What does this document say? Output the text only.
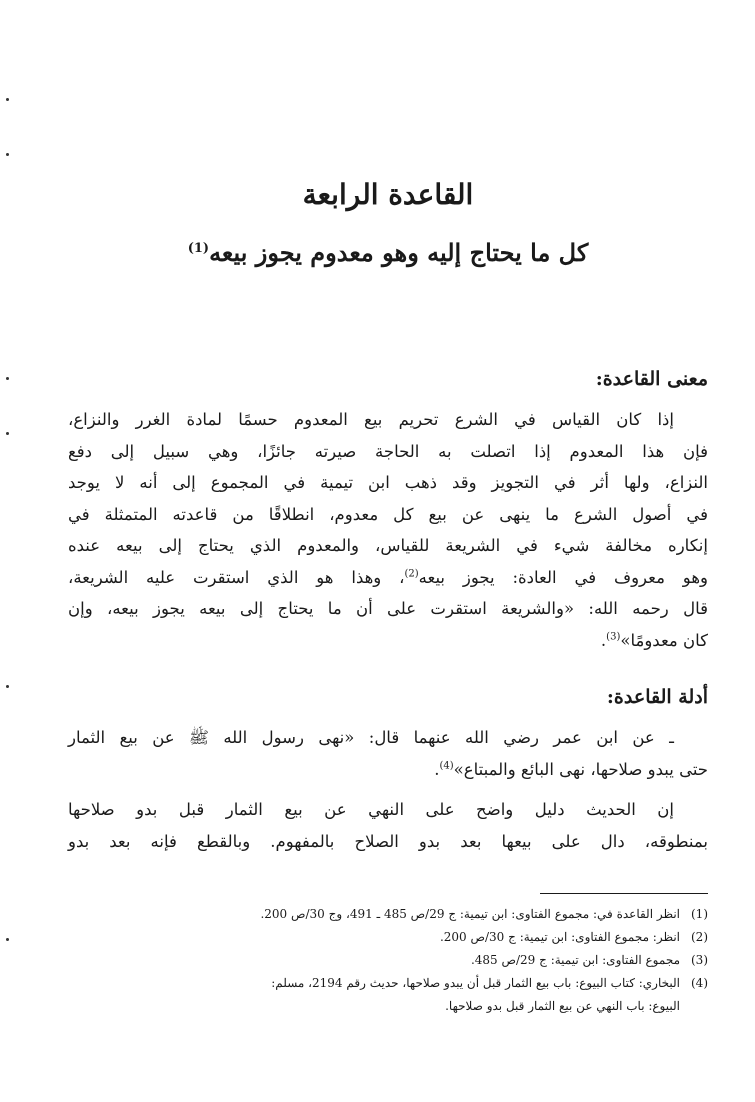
القاعدة الرابعة
كل ما يحتاج إليه وهو معدوم يجوز بيعه$^{(1)}$
معنى القاعدة:
إذا كان القياس في الشرع تحريم بيع المعدوم حسمًا لمادة الغرر والنزاع،
فإن هذا المعدوم إذا اتصلت به الحاجة صيرته جائزًا، وهي سبيل إلى دفع
النزاع، ولها أثر في التجويز وقد ذهب ابن تيمية في المجموع إلى أنه لا يوجد
في أصول الشرع ما ينهى عن بيع كل معدوم، انطلاقًا من قاعدته المتمثلة في
إنكاره مخالفة شيء في الشريعة للقياس، والمعدوم الذي يحتاج إلى بيعه عنده
وهو معروف في العادة: يجوز بيعه$^{(2)}$، وهذا هو الذي استقرت عليه الشريعة،
قال رحمه الله: «والشريعة استقرت على أن ما يحتاج إلى بيعه يجوز بيعه، وإن
كان معدومًا»$^{(3)}$.
أدلة القاعدة:
ـ عن ابن عمر رضي الله عنهما قال: «نهى رسول الله ﷺ عن بيع الثمار
حتى يبدو صلاحها، نهى البائع والمبتاع»$^{(4)}$.
إن الحديث دليل واضح على النهي عن بيع الثمار قبل بدو صلاحها
بمنطوقه، دال على بيعها بعد بدو الصلاح بالمفهوم. وبالقطع فإنه بعد بدو
(1)
انظر القاعدة في: مجموع الفتاوى: ابن تيمية: ج 29/ص 485 ـ 491، وج 30/ص 200.
(2)
انظر: مجموع الفتاوى: ابن تيمية: ج 30/ص 200.
(3)
مجموع الفتاوى: ابن تيمية: ج 29/ص 485.
(4)
البخاري: كتاب البيوع: باب بيع الثمار قبل أن يبدو صلاحها، حديث رقم 2194، مسلم:
البيوع: باب النهي عن بيع الثمار قبل بدو صلاحها.
